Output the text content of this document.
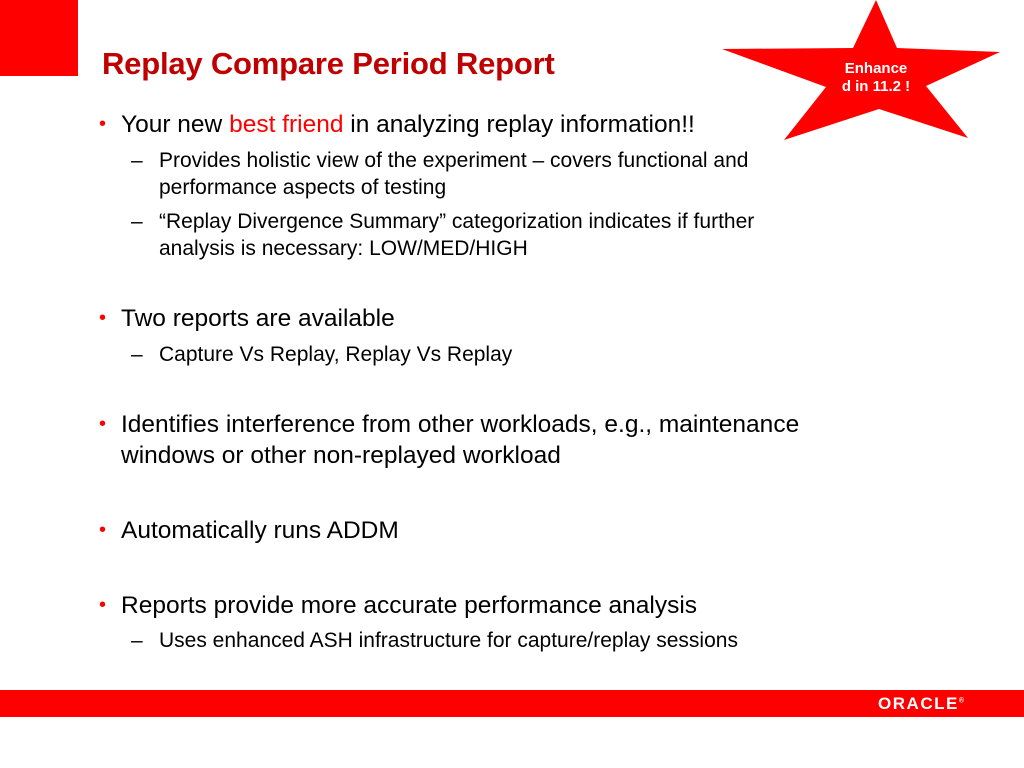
Replay Compare Period Report
• Your new best friend in analyzing replay information!!
– Provides holistic view of the experiment – covers functional and
performance aspects of testing
– “Replay Divergence Summary” categorization indicates if further
analysis is necessary: LOW/MED/HIGH
• Two reports are available
– Capture Vs Replay, Replay Vs Replay
• Identifies interference from other workloads, e.g., maintenance
windows or other non-replayed workload
• Automatically runs ADDM
• Reports provide more accurate performance analysis
– Uses enhanced ASH infrastructure for capture/replay sessions
Enhance
d in 11.2 !
ORACLE®
